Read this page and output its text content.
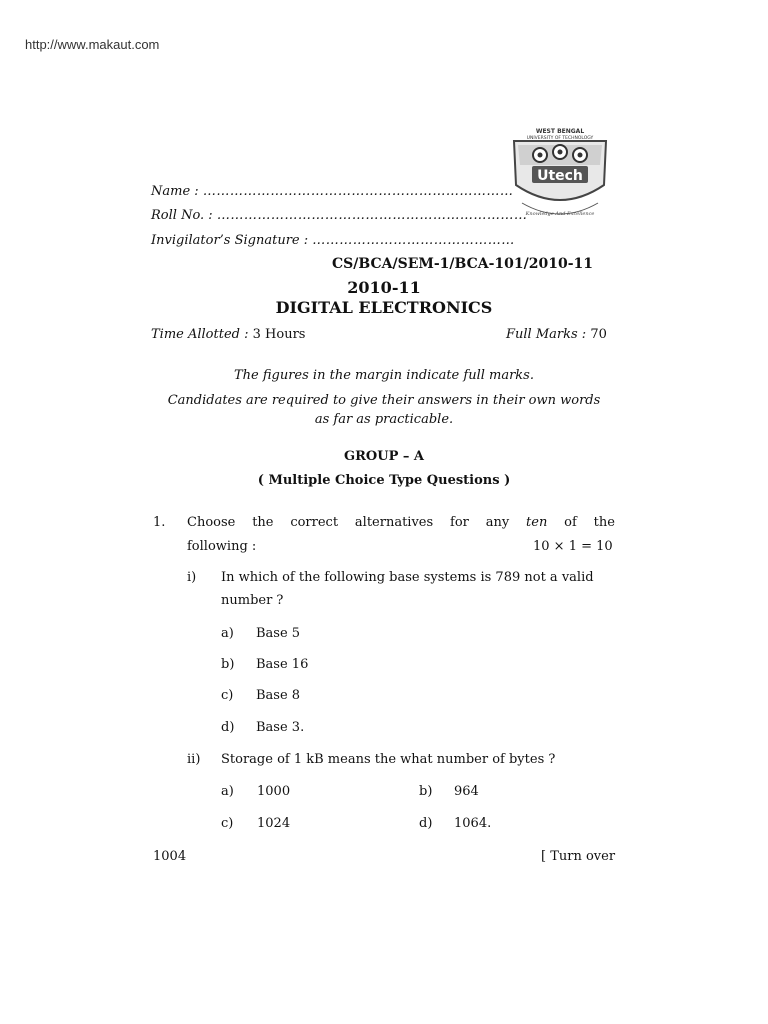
http://www.makaut.com
WEST BENGAL
UNIVERSITY OF TECHNOLOGY
Utech
Knowledge And Excellence
Name : ……………………………………………………………
Roll No. : ……………………………………………………………
Invigilator’s Signature : ………………………………………
CS/BCA/SEM-1/BCA-101/2010-11
2010-11
DIGITAL ELECTRONICS
Time Allotted : 3 Hours	Full Marks : 70
The figures in the margin indicate full marks.
Candidates are required to give their answers in their own words
as far as practicable.
GROUP – A
( Multiple Choice Type Questions )
1. Choose the correct alternatives for any ten of the
following :	10 × 1 = 10
i) In which of the following base systems is 789 not a valid
number ?
a) Base 5
b) Base 16
c) Base 8
d) Base 3.
ii) Storage of 1 kB means the what number of bytes ?
a) 1000	b) 964
c) 1024	d) 1064.
1004	[ Turn over
